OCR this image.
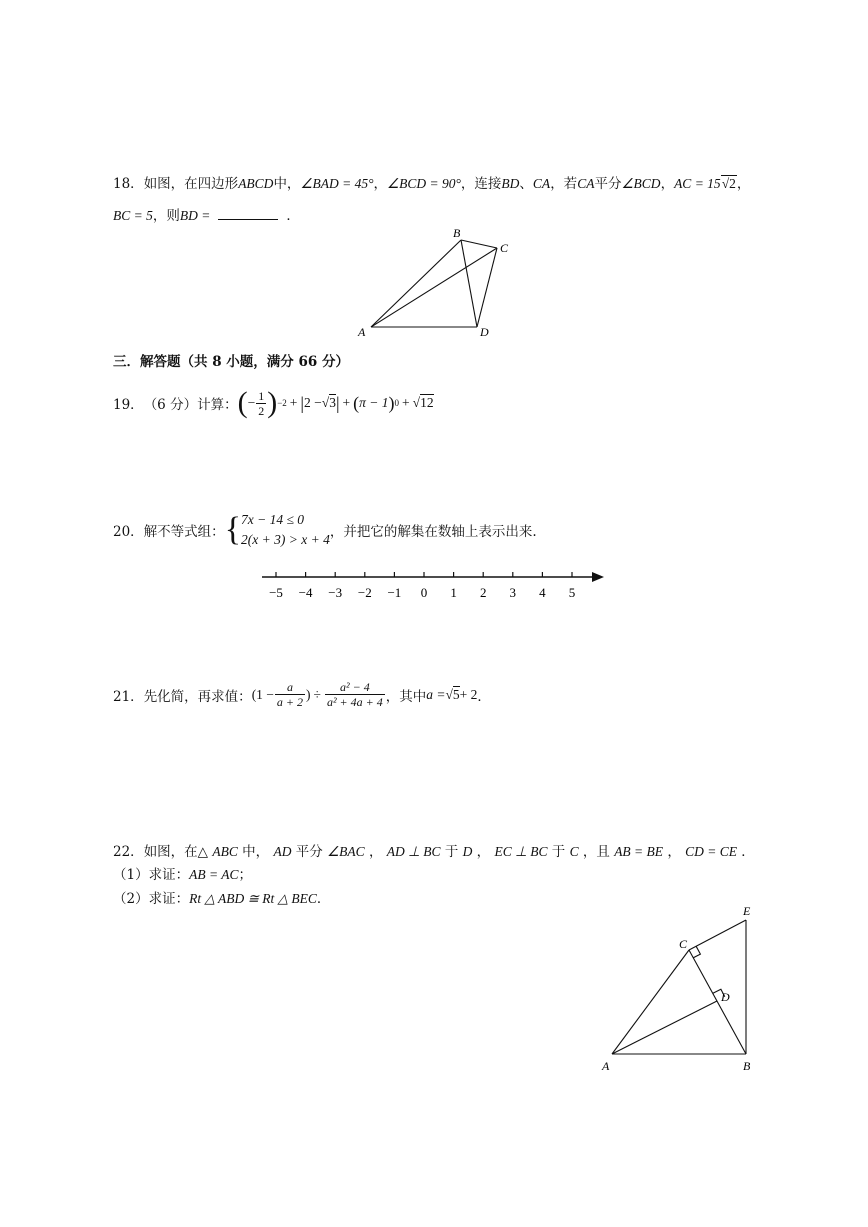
18．如图，在四边形ABCD中，∠BAD = 45°，∠BCD = 90°，连接BD、CA，若CA平分∠BCD，AC = 15√2，
BC = 5，则BD =	．
A
B
C
D
三．解答题（共 8 小题，满分 66 分）
19． （6 分）计算： ( − $\frac{1}{2}$ ) −2 + | 2 − √3 | + ( π − 1 ) 0 + √12
20． 解不等式组： { 7x − 14 ≤ 0
2(x + 3) > x + 4 ，并把它的解集在数轴上表示出来.
−5 −4 −3 −2 −1 0 1 2 3 4 5
21． 先化简，再求值： ($1 - \frac{a}{a + 2}$ ) ÷ $\frac{\text{a² − 4}}{\text{a² + 4a + 4}}$ ，其中 a = √5 + 2 ．
22．如图，在△ ABC 中， AD 平分 ∠BAC ， AD ⊥ BC 于 D ， EC ⊥ BC 于 C ，且 AB = BE ， CD = CE ．
（1）求证：AB = AC；
（2）求证：Rt △ ABD ≅ Rt △ BEC．
A	B
C
D
E
